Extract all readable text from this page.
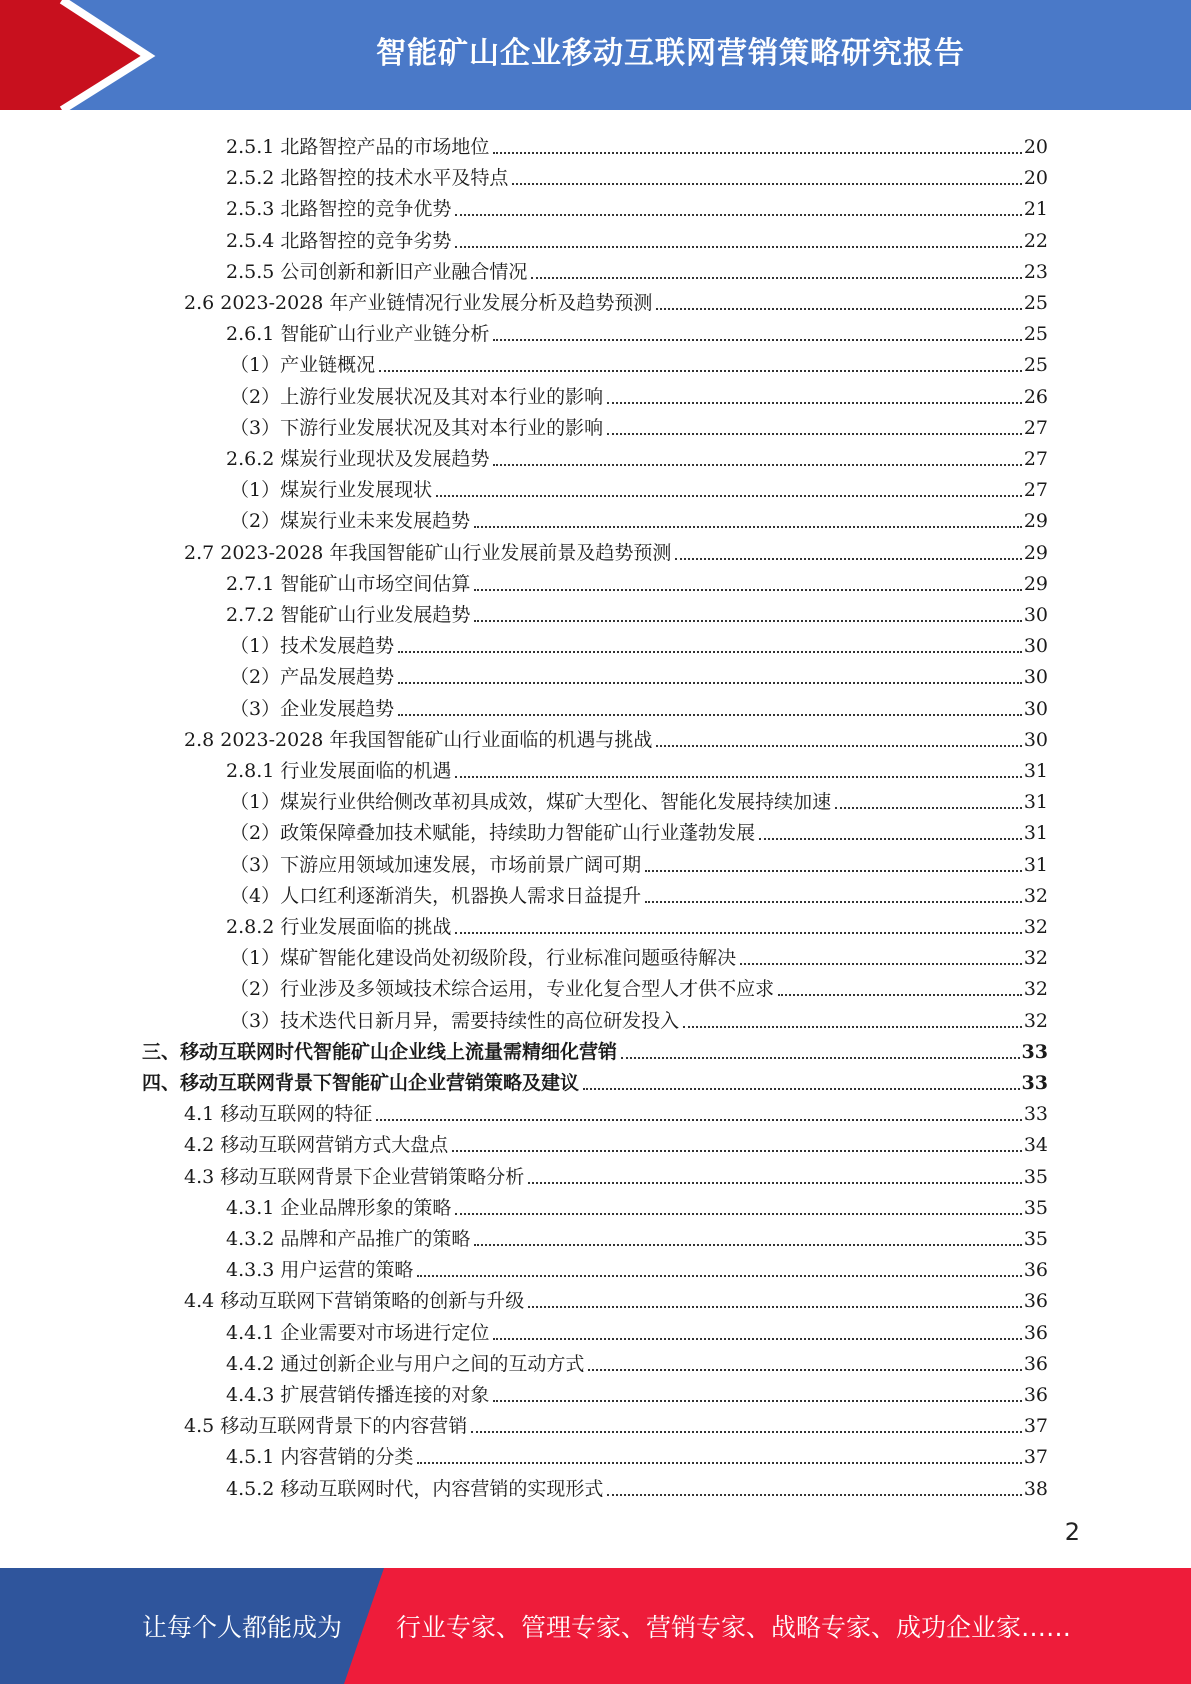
智能矿山企业移动互联网营销策略研究报告
2.5.1 北路智控产品的市场地位	20
2.5.2 北路智控的技术水平及特点	20
2.5.3 北路智控的竞争优势	21
2.5.4 北路智控的竞争劣势	22
2.5.5 公司创新和新旧产业融合情况	23
2.6 2023-2028 年产业链情况行业发展分析及趋势预测	25
2.6.1 智能矿山行业产业链分析	25
（1）产业链概况	25
（2）上游行业发展状况及其对本行业的影响	26
（3）下游行业发展状况及其对本行业的影响	27
2.6.2 煤炭行业现状及发展趋势	27
（1）煤炭行业发展现状	27
（2）煤炭行业未来发展趋势	29
2.7 2023-2028 年我国智能矿山行业发展前景及趋势预测	29
2.7.1 智能矿山市场空间估算	29
2.7.2 智能矿山行业发展趋势	30
（1）技术发展趋势	30
（2）产品发展趋势	30
（3）企业发展趋势	30
2.8 2023-2028 年我国智能矿山行业面临的机遇与挑战	30
2.8.1 行业发展面临的机遇	31
（1）煤炭行业供给侧改革初具成效，煤矿大型化、智能化发展持续加速	31
（2）政策保障叠加技术赋能，持续助力智能矿山行业蓬勃发展	31
（3）下游应用领域加速发展，市场前景广阔可期	31
（4）人口红利逐渐消失，机器换人需求日益提升	32
2.8.2 行业发展面临的挑战	32
（1）煤矿智能化建设尚处初级阶段，行业标准问题亟待解决	32
（2）行业涉及多领域技术综合运用，专业化复合型人才供不应求	32
（3）技术迭代日新月异，需要持续性的高位研发投入	32
三、移动互联网时代智能矿山企业线上流量需精细化营销	33
四、移动互联网背景下智能矿山企业营销策略及建议	33
4.1 移动互联网的特征	33
4.2 移动互联网营销方式大盘点	34
4.3 移动互联网背景下企业营销策略分析	35
4.3.1 企业品牌形象的策略	35
4.3.2 品牌和产品推广的策略	35
4.3.3 用户运营的策略	36
4.4 移动互联网下营销策略的创新与升级	36
4.4.1 企业需要对市场进行定位	36
4.4.2 通过创新企业与用户之间的互动方式	36
4.4.3 扩展营销传播连接的对象	36
4.5 移动互联网背景下的内容营销	37
4.5.1 内容营销的分类	37
4.5.2 移动互联网时代，内容营销的实现形式	38
2
让每个人都能成为 行业专家、管理专家、营销专家、战略专家、成功企业家……
